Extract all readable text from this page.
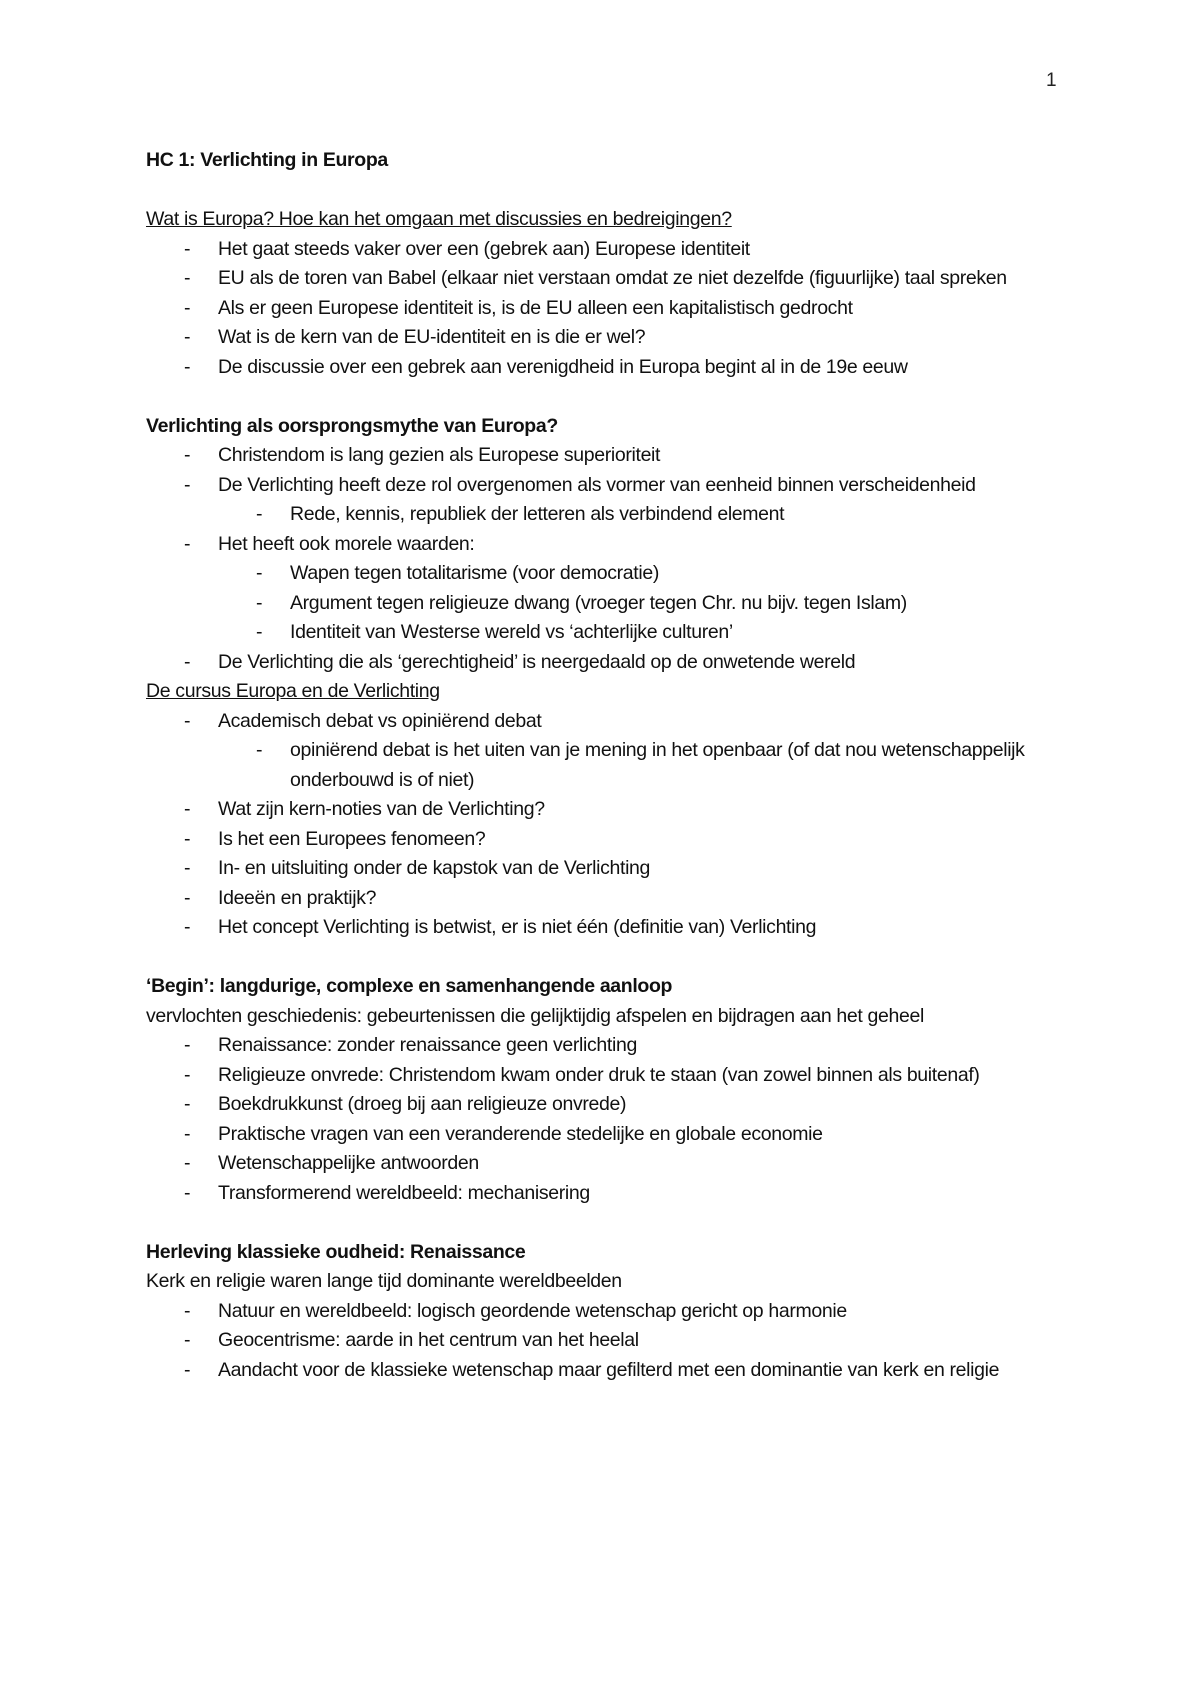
1
HC 1: Verlichting in Europa
Wat is Europa? Hoe kan het omgaan met discussies en bedreigingen?
- Het gaat steeds vaker over een (gebrek aan) Europese identiteit
- EU als de toren van Babel (elkaar niet verstaan omdat ze niet dezelfde (figuurlijke) taal spreken
- Als er geen Europese identiteit is, is de EU alleen een kapitalistisch gedrocht
- Wat is de kern van de EU-identiteit en is die er wel?
- De discussie over een gebrek aan verenigdheid in Europa begint al in de 19e eeuw
Verlichting als oorsprongsmythe van Europa?
- Christendom is lang gezien als Europese superioriteit
- De Verlichting heeft deze rol overgenomen als vormer van eenheid binnen verscheidenheid
- Rede, kennis, republiek der letteren als verbindend element
- Het heeft ook morele waarden:
- Wapen tegen totalitarisme (voor democratie)
- Argument tegen religieuze dwang (vroeger tegen Chr. nu bijv. tegen Islam)
- Identiteit van Westerse wereld vs ‘achterlijke culturen’
- De Verlichting die als ‘gerechtigheid’ is neergedaald op de onwetende wereld
De cursus Europa en de Verlichting
- Academisch debat vs opiniërend debat
- opiniërend debat is het uiten van je mening in het openbaar (of dat nou wetenschappelijk onderbouwd is of niet)
- Wat zijn kern-noties van de Verlichting?
- Is het een Europees fenomeen?
- In- en uitsluiting onder de kapstok van de Verlichting
- Ideeën en praktijk?
- Het concept Verlichting is betwist, er is niet één (definitie van) Verlichting
‘Begin’: langdurige, complexe en samenhangende aanloop
vervlochten geschiedenis: gebeurtenissen die gelijktijdig afspelen en bijdragen aan het geheel
- Renaissance: zonder renaissance geen verlichting
- Religieuze onvrede: Christendom kwam onder druk te staan (van zowel binnen als buitenaf)
- Boekdrukkunst (droeg bij aan religieuze onvrede)
- Praktische vragen van een veranderende stedelijke en globale economie
- Wetenschappelijke antwoorden
- Transformerend wereldbeeld: mechanisering
Herleving klassieke oudheid: Renaissance
Kerk en religie waren lange tijd dominante wereldbeelden
- Natuur en wereldbeeld: logisch geordende wetenschap gericht op harmonie
- Geocentrisme: aarde in het centrum van het heelal
- Aandacht voor de klassieke wetenschap maar gefilterd met een dominantie van kerk en religie
